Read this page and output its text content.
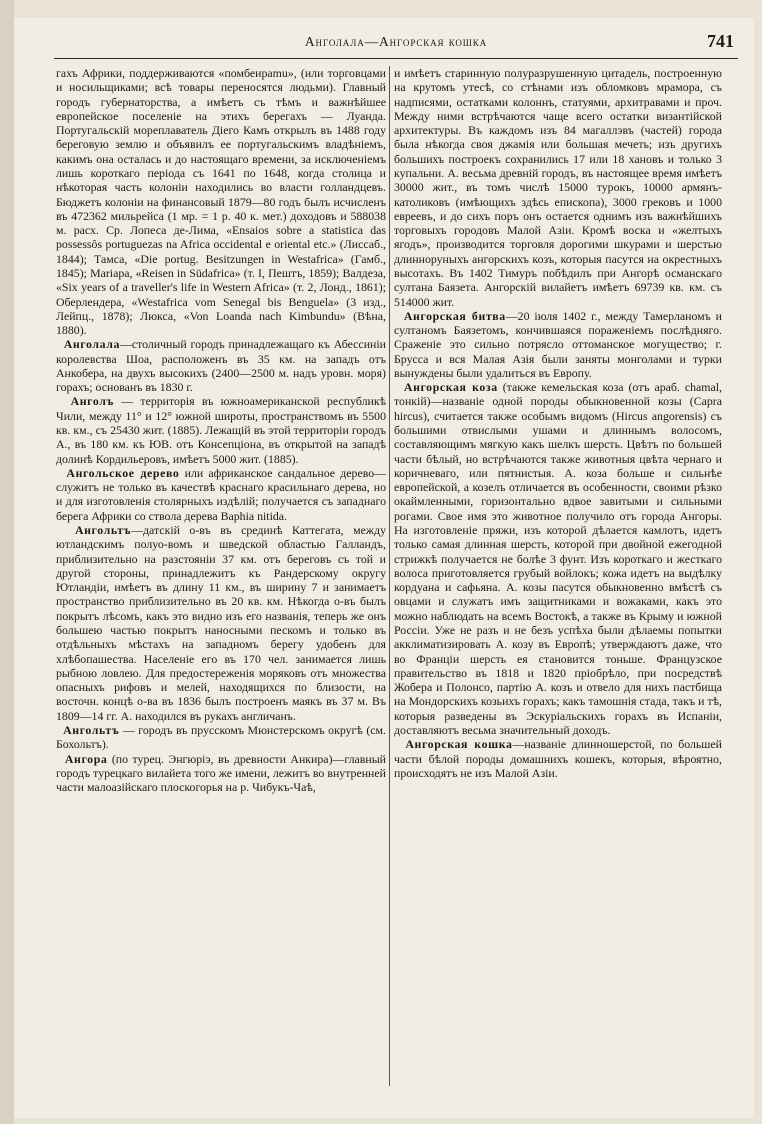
Анголала—Ангорская кошка	741

гахъ Африки, поддерживаются «помбеираmu», (или торговцами и носильщиками; всѣ товары переносятся людьми). Главный городъ губернаторства, а имѣетъ съ тѣмъ и важнѣйшее европейское поселеніе на этихъ берегахъ — Луанда. Португальскій мореплаватель Діего Камъ открылъ въ 1488 году береговую землю и объявилъ ее португальскимъ владѣніемъ, какимъ она осталась и до настоящаго времени, за исключеніемъ лишь короткаго періода съ 1641 по 1648, когда столица и нѣкоторая часть колоніи находились во власти голландцевъ. Бюджетъ колоніи на финансовый 1879—80 годъ былъ исчисленъ въ 472362 мильрейса (1 мр. = 1 р. 40 к. мет.) доходовъ и 588038 м. расх. Ср. Лопеса де-Лима, «Ensaios sobre a statistica das possessôs portuguezas na Africa occidental e oriental etc.» (Лиссаб., 1844); Тамса, «Die portug. Besitzungen in Westafrica» (Гамб., 1845); Mariapa, «Reisen in Südafrica» (т. I, Пештъ, 1859); Валдеза, «Six years of a traveller's life in Western Africa» (т. 2, Лонд., 1861); Оберлендера, «Westafrica vom Senegal bis Benguela» (3 изд., Лейпц., 1878); Люкса, «Von Loanda nach Kimbundu» (Вѣна, 1880).

Анголала—столичный городъ принадлежащаго къ Абессиніи королевства Шоа, расположенъ въ 35 км. на западъ отъ Анкобера, на двухъ высокихъ (2400—2500 м. надъ уровн. моря) горахъ; основанъ въ 1830 г.

Анголъ — территорія въ южноамериканской республикѣ Чили, между 11° и 12° южной широты, пространствомъ въ 5500 кв. км., съ 25430 жит. (1885). Лежащій въ этой территоріи городъ А., въ 180 км. къ ЮВ. отъ Консепціона, въ открытой на западѣ долинѣ Кордильеровъ, имѣетъ 5000 жит. (1885).

Ангольское дерево или африканское сандальное дерево—служитъ не только въ качествѣ краснаго красильнаго дерева, но и для изготовленія столярныхъ издѣлій; получается съ западнаго берега Африки со ствола дерева Baphia nitida.

Ангольтъ—датскій о-въ въ срединѣ Каттегата, между ютландскимъ полуо-вомъ и шведской областью Галландъ, приблизительно на разстояніи 37 км. отъ береговъ съ той и другой стороны, принадлежитъ къ Рандерскому округу Ютландіи, имѣетъ въ длину 11 км., въ ширину 7 и занимаетъ пространство приблизительно въ 20 кв. км. Нѣкогда о-въ былъ покрытъ лѣсомъ, какъ это видно изъ его названія, теперь же онъ большею частью покрытъ наносными пескомъ и только въ отдѣльныхъ мѣстахъ на западномъ берегу удобенъ для хлѣбопашества. Населеніе его въ 170 чел. занимается лишь рыбною ловлею. Для предостереженія моряковъ отъ множества опасныхъ рифовъ и мелей, находящихся по близости, на восточн. концѣ о-ва въ 1836 былъ построенъ маякъ въ 37 м. Въ 1809—14 гг. А. находился въ рукахъ англичанъ.

Ангольтъ — городъ въ прусскомъ Мюнстерскомъ округѣ (см. Бохольтъ).

Ангора (по турец. Энгюрiэ, въ древности Анкира)—главный городъ турецкаго вилайета того же имени, лежитъ во внутренней части малоазійскаго плоскогорья на р. Чибукъ-Чаѣ,

и имѣетъ старинную полуразрушенную цитадель, построенную на крутомъ утесѣ, со стѣнами изъ обломковъ мрамора, съ надписями, остатками колоннъ, статуями, архитравами и проч. Между ними встрѣчаются чаще всего остатки византійской архитектуры. Въ каждомъ изъ 84 магаллэвъ (частей) города была нѣкогда своя джамія или большая мечеть; изъ другихъ большихъ построекъ сохранились 17 или 18 хановъ и только 3 купальни. А. весьма древній городъ, въ настоящее время имѣетъ 30000 жит., въ томъ числѣ 15000 турокъ, 10000 армянъ-католиковъ (имѣющихъ здѣсь епископа), 3000 грековъ и 1000 евреевъ, и до сихъ поръ онъ остается однимъ изъ важнѣйшихъ торговыхъ городовъ Малой Азіи. Кромѣ воска и «желтыхъ ягодъ», производится торговля дорогими шкурами и шерстью длинноруныхъ ангорскихъ козъ, которыя пасутся на окрестныхъ высотахъ. Въ 1402 Тимуръ побѣдилъ при Ангорѣ османскаго султана Баязета. Ангорскій вилайетъ имѣетъ 69739 кв. км. съ 514000 жит.

Ангорская битва—20 іюля 1402 г., между Тамерланомъ и султаномъ Баязетомъ, кончившаяся пораженіемъ послѣдняго. Сраженіе это сильно потрясло оттоманское могущество; г. Бруcса и вся Малая Азія были заняты монголами и турки вынуждены были удалиться въ Европу.

Ангорская коза (также кемельская коза (отъ араб. chamal, тонкій)—названіе одной породы обыкновенной козы (Capra hircus), считается также особымъ видомъ (Hircus angorensis) съ большими отвислыми ушами и длиннымъ волосомъ, составляющимъ мягкую какъ шелкъ шерсть. Цвѣтъ по большей части бѣлый, но встрѣчаются также животныя цвѣта чернаго и коричневаго, или пятнистыя. А. коза больше и сильнѣе европейской, а козелъ отличается въ особенности, своими рѣзко окаймленными, горизонтально вдвое завитыми и сильными рогами. Свое имя это животное получило отъ города Ангоры. На изготовленіе пряжи, изъ которой дѣлается камлотъ, идетъ только самая длинная шерсть, которой при двойной ежегодной стрижкѣ получается не болѣе 3 фунт. Изъ короткаго и жесткаго волоса приготовляется грубый войлокъ; кожа идетъ на выдѣлку кордуана и сафьяна. А. козы пасутся обыкновенно вмѣстѣ съ овцами и служатъ имъ защитниками и вожаками, какъ это можно наблюдать на всемъ Востокѣ, а также въ Крыму и южной Россіи. Уже не разъ и не безъ успѣха были дѣлаемы попытки акклиматизировать А. козу въ Европѣ; утверждаютъ даже, что во Франціи шерсть ея становится тоньше. Французское правительство въ 1818 и 1820 пріобрѣло, при посредствѣ Жобера и Полонсо, партію А. козъ и отвело для нихъ пастбища на Мондорскихъ козьихъ горахъ; какъ тамошнія стада, такъ и тѣ, которыя разведены въ Эскуріальскихъ горахъ въ Испаніи, доставляютъ весьма значительный доходъ.

Ангорская кошка—названіе длинношерстой, по большей части бѣлой породы домашнихъ кошекъ, которыя, вѣроятно, происходятъ не изъ Малой Азіи.
